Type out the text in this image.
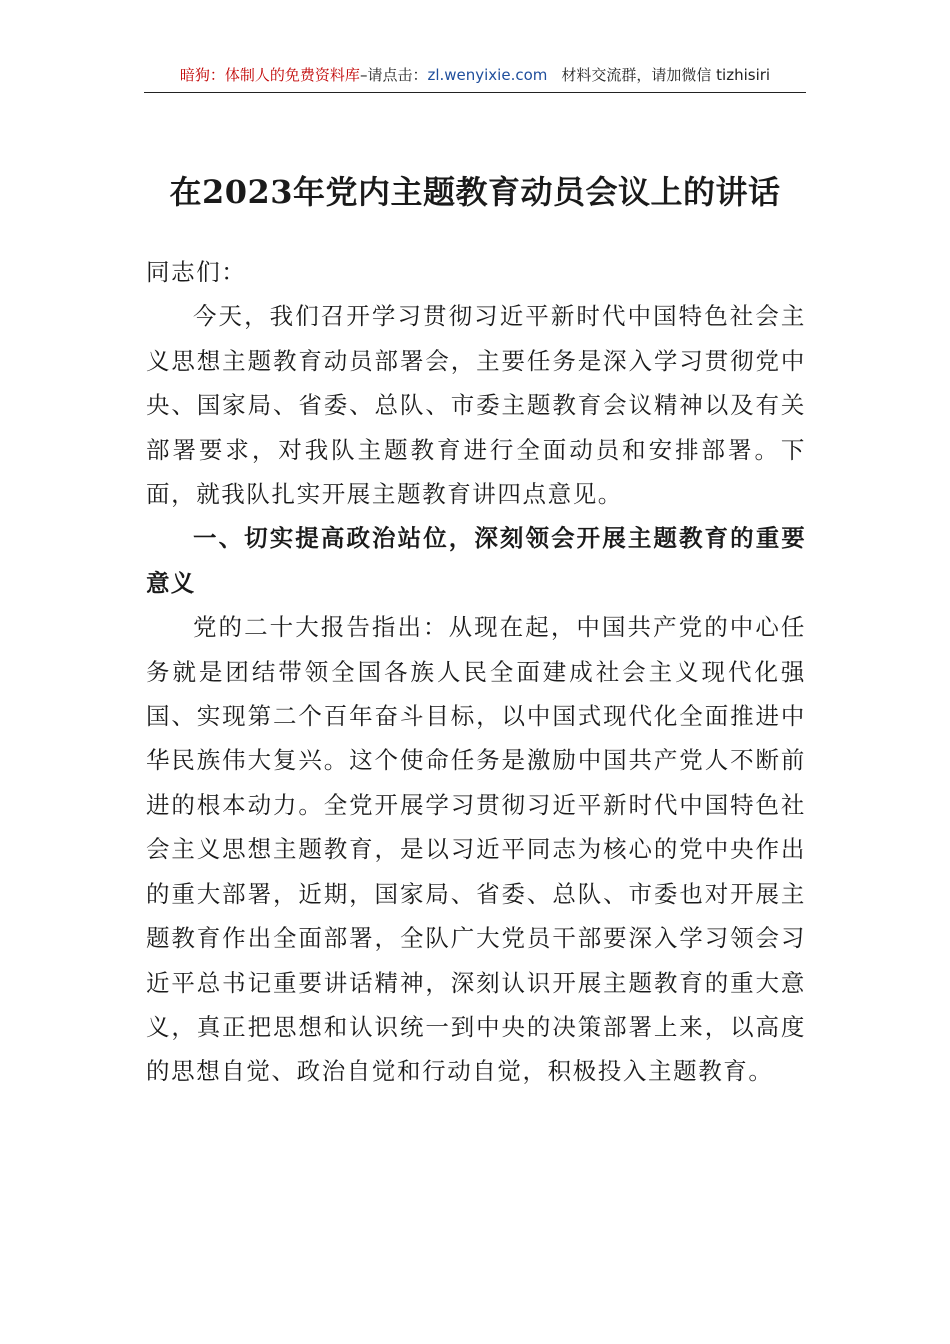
暗狗：体制人的免费资料库–请点击：zl.wenyixie.com 材料交流群，请加微信 tizhisiri
在2023年党内主题教育动员会议上的讲话

同志们：

今天，我们召开学习贯彻习近平新时代中国特色社会主义思想主题教育动员部署会，主要任务是深入学习贯彻党中央、国家局、省委、总队、市委主题教育会议精神以及有关部署要求，对我队主题教育进行全面动员和安排部署。下面，就我队扎实开展主题教育讲四点意见。

一、切实提高政治站位，深刻领会开展主题教育的重要意义

党的二十大报告指出：从现在起，中国共产党的中心任务就是团结带领全国各族人民全面建成社会主义现代化强国、实现第二个百年奋斗目标，以中国式现代化全面推进中华民族伟大复兴。这个使命任务是激励中国共产党人不断前进的根本动力。全党开展学习贯彻习近平新时代中国特色社会主义思想主题教育，是以习近平同志为核心的党中央作出的重大部署，近期，国家局、省委、总队、市委也对开展主题教育作出全面部署，全队广大党员干部要深入学习领会习近平总书记重要讲话精神，深刻认识开展主题教育的重大意义，真正把思想和认识统一到中央的决策部署上来，以高度的思想自觉、政治自觉和行动自觉，积极投入主题教育。
